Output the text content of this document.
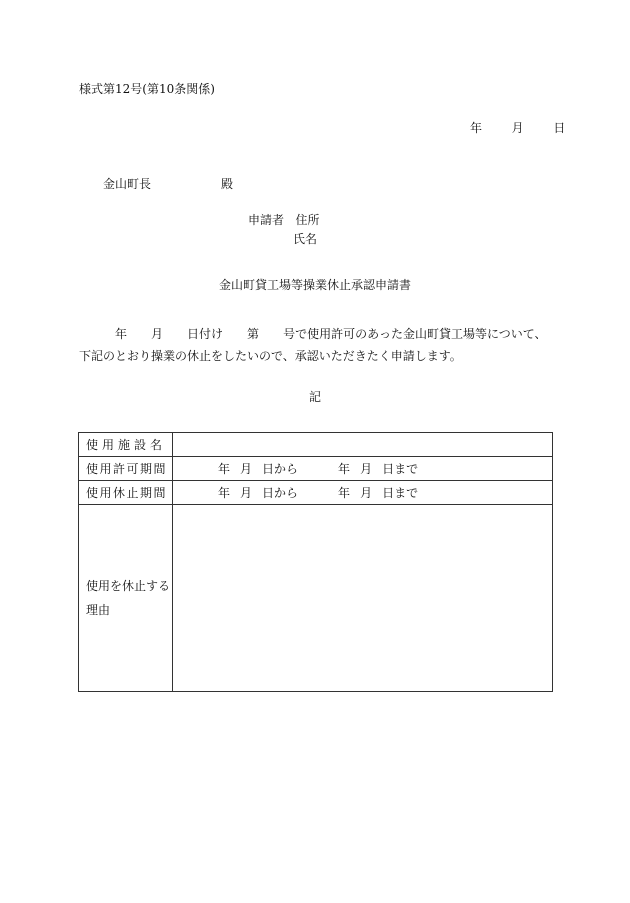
様式第12号(第10条関係)
年 月 日
金山町長	殿
申請者 住所
氏名
金山町貸工場等操業休止承認申請書
年 月 日付け 第 号で使用許可のあった金山町貸工場等について、下記のとおり操業の休止をしたいので、承認いただきたく申請します。
記
使用施設名	
使用許可期間	年 月 日から 年 月 日まで
使用休止期間	年 月 日から 年 月 日まで
使用を休止する
理由	
